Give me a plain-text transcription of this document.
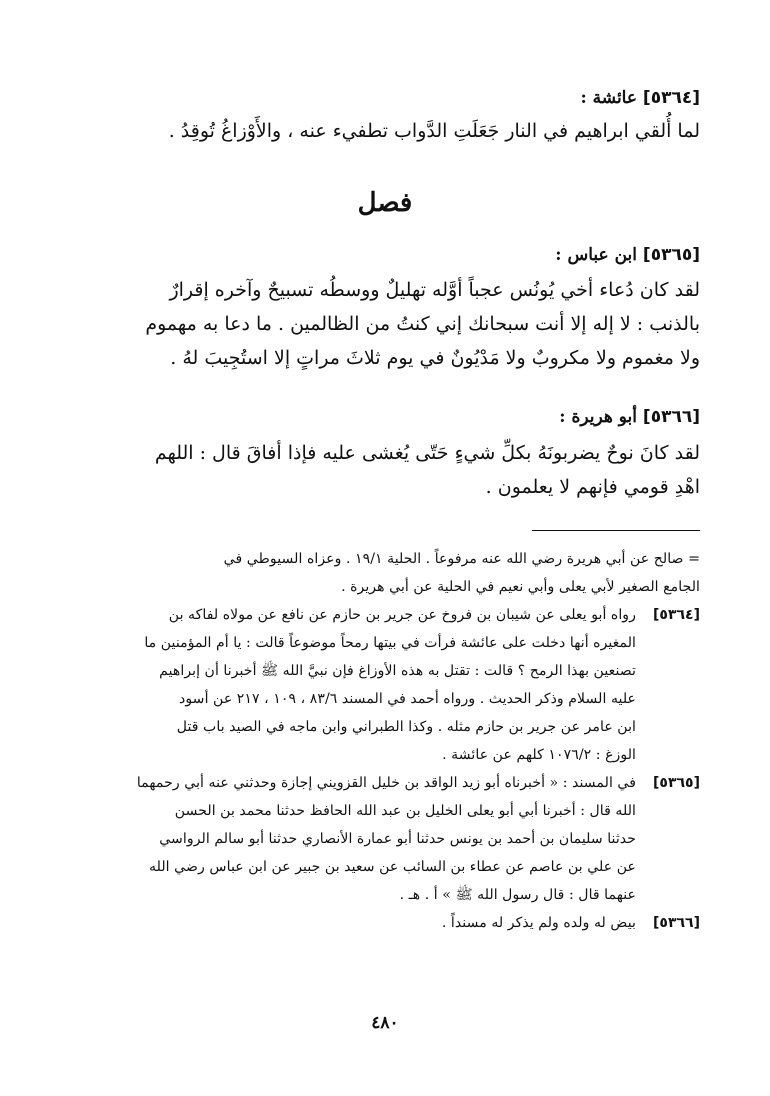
[٥٣٦٤] عائشة :
لما أُلقي ابراهيم في النار جَعَلَتِ الدَّواب تطفيء عنه ، والأَوْزاغُ تُوقِدُ .
فصل
[٥٣٦٥] ابن عباس :
لقد كان دُعاء أخي يُونُس عجباً أوَّله تهليلٌ ووسطُه تسبيحٌ وآخره إقرارٌ
بالذنب : لا إله إلا أنت سبحانك إني كنتُ من الظالمين . ما دعا به مهموم
ولا مغموم ولا مكروبٌ ولا مَدْيُونٌ في يوم ثلاثَ مراتٍ إلا استُجِيبَ لهُ .
[٥٣٦٦] أبو هريرة :
لقد كانَ نوحٌ يضربونَهُ بكلِّ شيءٍ حَتّى يُغشى عليه فإذا أفاقَ قال : اللهم
اهْدِ قومي فإنهم لا يعلمون .
= صالح عن أبي هريرة رضي الله عنه مرفوعاً . الحلية ١٩/١ . وعزاه السيوطي في
الجامع الصغير لأبي يعلى وأبي نعيم في الحلية عن أبي هريرة .
[٥٣٦٤]
رواه أبو يعلى عن شيبان بن فروخ عن جرير بن حازم عن نافع عن مولاه لفاكه بن
المغيره أنها دخلت على عائشة فرأت في بيتها رمحاً موضوعاً قالت : يا أم المؤمنين ما
تصنعين بهذا الرمح ؟ قالت : تقتل به هذه الأوزاغ فإن نبيَّ الله ﷺ أخبرنا أن إبراهيم
عليه السلام وذكر الحديث . ورواه أحمد في المسند ٨٣/٦ ، ١٠٩ ، ٢١٧ عن أسود
ابن عامر عن جرير بن حازم مثله . وكذا الطبراني وابن ماجه في الصيد باب قتل
الوزغ : ١٠٧٦/٢ كلهم عن عائشة .
[٥٣٦٥]
في المسند : « أخبرناه أبو زيد الواقد بن خليل القزويني إجازة وحدثني عنه أبي رحمهما
الله قال : أخبرنا أبي أبو يعلى الخليل بن عبد الله الحافظ حدثنا محمد بن الحسن
حدثنا سليمان بن أحمد بن يونس حدثنا أبو عمارة الأنصاري حدثنا أبو سالم الرواسي
عن علي بن عاصم عن عطاء بن السائب عن سعيد بن جبير عن ابن عباس رضي الله
عنهما قال : قال رسول الله ﷺ » أ . هـ .
[٥٣٦٦]
بيض له ولده ولم يذكر له مسنداً .
٤٨٠
